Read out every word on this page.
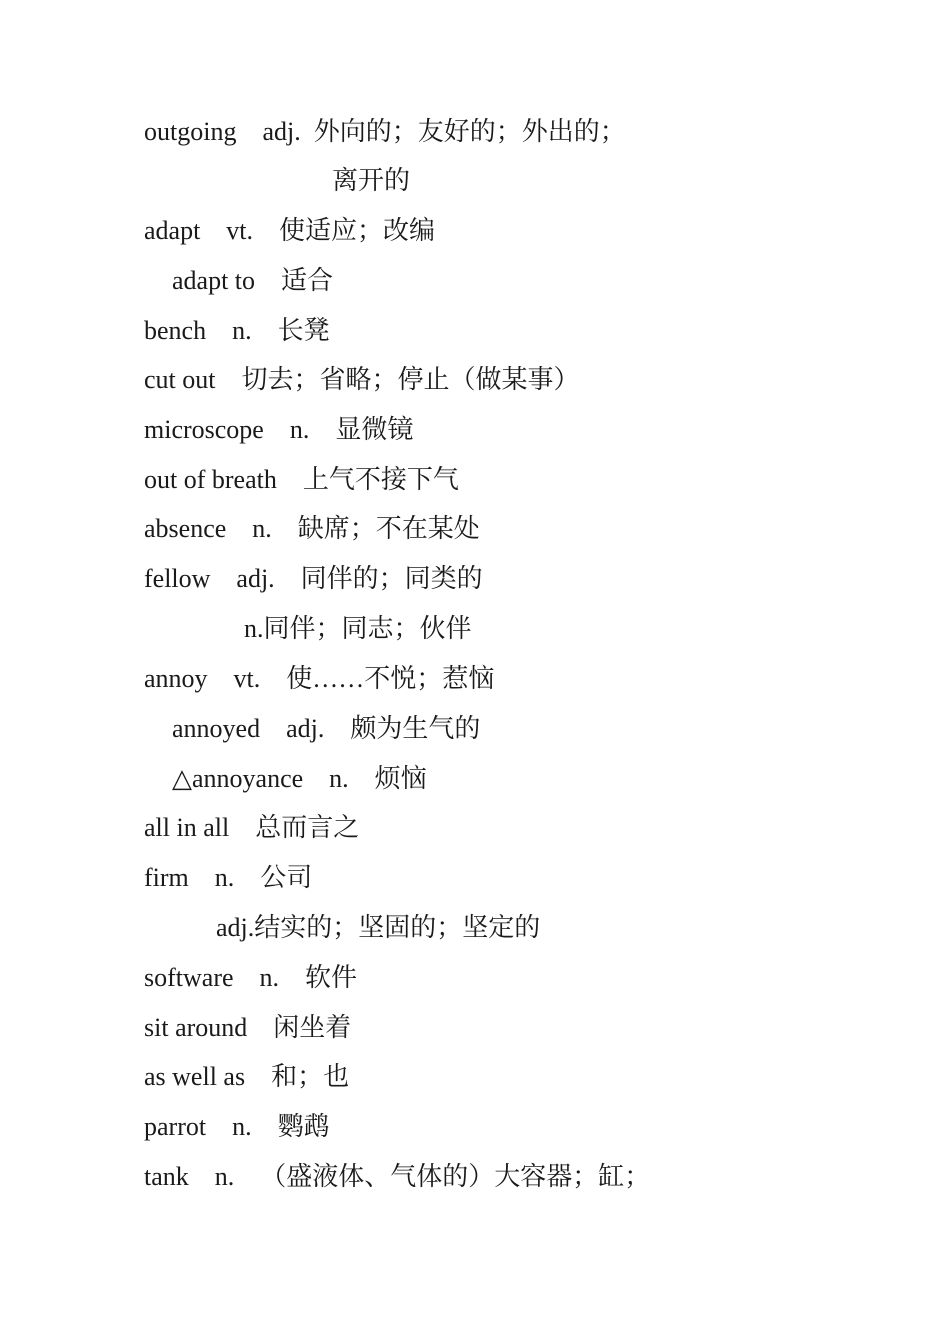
outgoing    adj.  外向的；友好的；外出的；
离开的
adapt    vt.    使适应；改编
adapt to    适合
bench    n.    长凳
cut out    切去；省略；停止（做某事）
microscope    n.    显微镜
out of breath    上气不接下气
absence    n.    缺席；不在某处
fellow    adj.    同伴的；同类的
n.同伴；同志；伙伴
annoy    vt.    使……不悦；惹恼
annoyed    adj.    颇为生气的
△annoyance    n.    烦恼
all in all    总而言之
firm    n.    公司
adj.结实的；坚固的；坚定的
software    n.    软件
sit around    闲坐着
as well as    和；也
parrot    n.    鹦鹉
tank    n.    （盛液体、气体的）大容器；缸；
